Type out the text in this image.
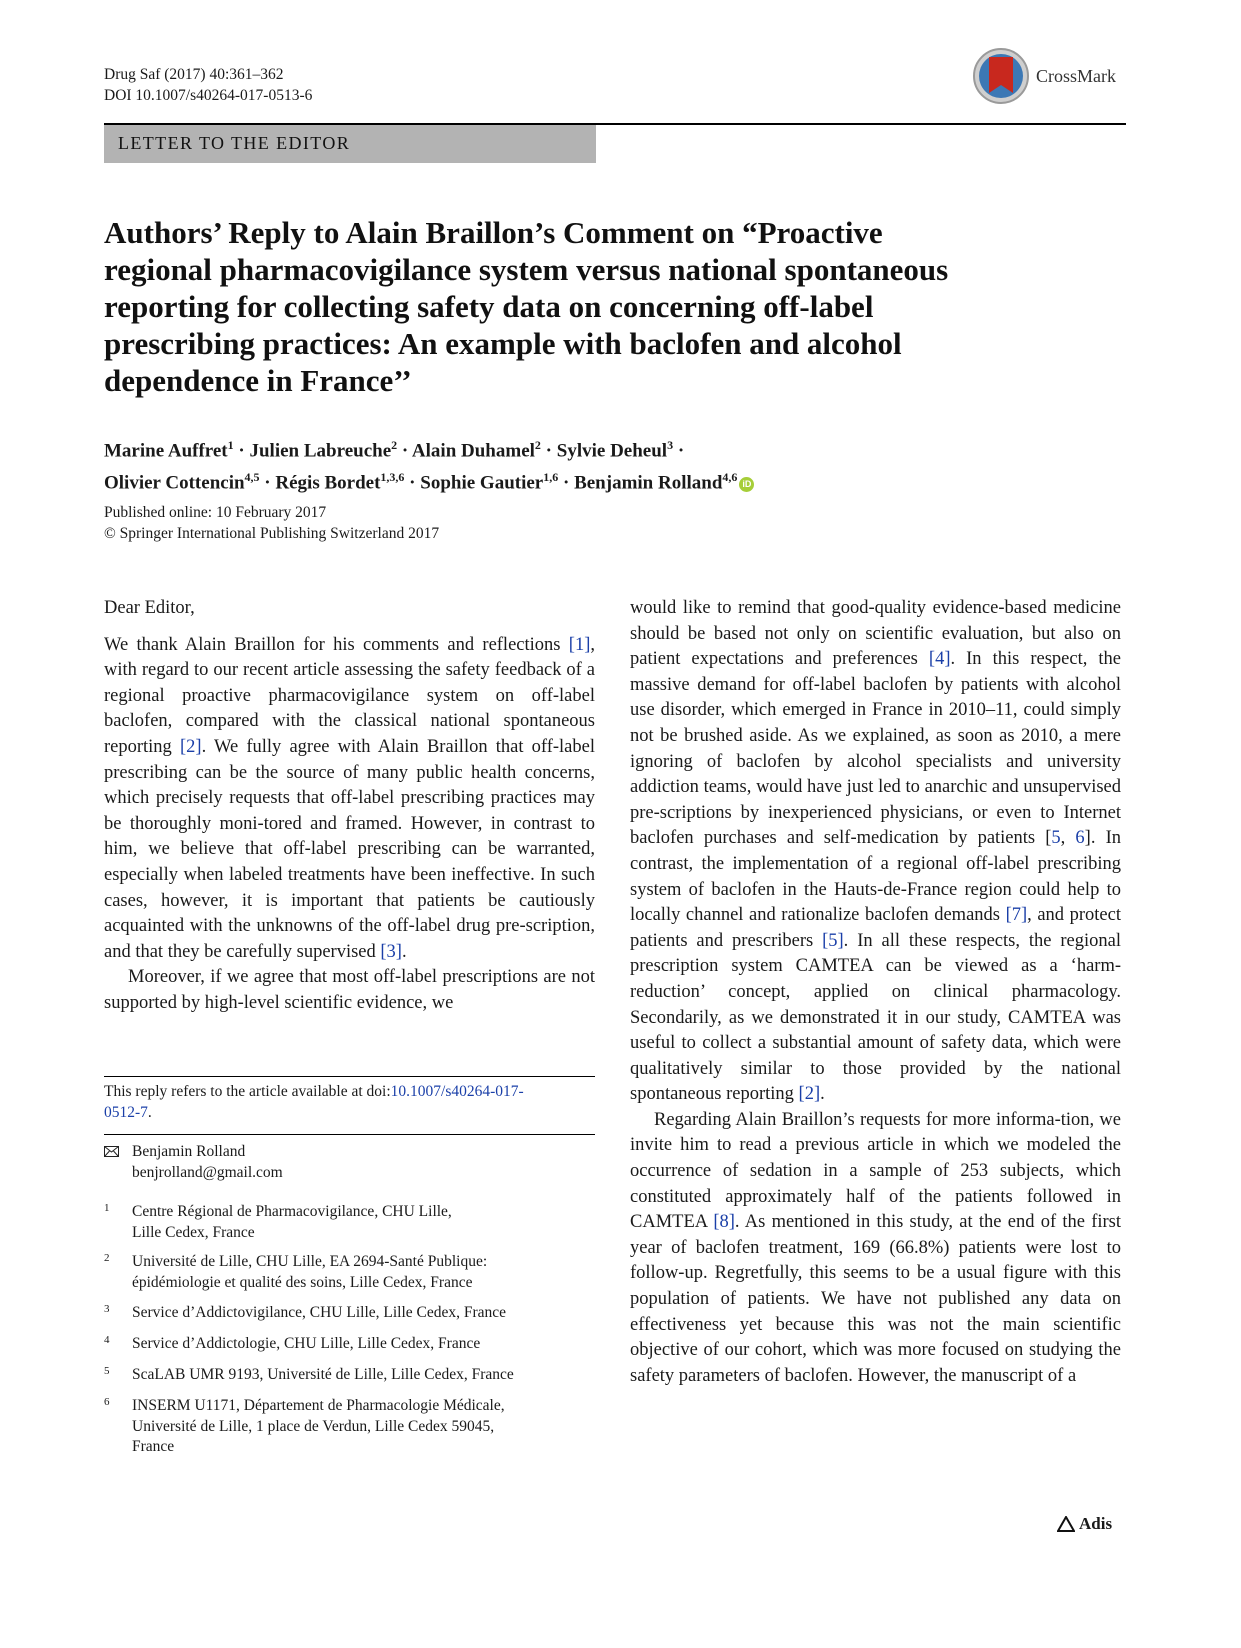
Drug Saf (2017) 40:361–362
DOI 10.1007/s40264-017-0513-6
CrossMark
LETTER TO THE EDITOR
Authors’ Reply to Alain Braillon’s Comment on “Proactive
regional pharmacovigilance system versus national spontaneous
reporting for collecting safety data on concerning off-label
prescribing practices: An example with baclofen and alcohol
dependence in France’’
Marine Auffret$^1$ · Julien Labreuche$^2$ · Alain Duhamel$^2$ · Sylvie Deheul$^3$ ·
Olivier Cottencin$^{4,5}$ · Régis Bordet$^{1,3,6}$ · Sophie Gautier$^{1,6}$ · Benjamin Rolland$^{4,6}$ iD
Published online: 10 February 2017
© Springer International Publishing Switzerland 2017

Dear Editor,

We thank Alain Braillon for his comments and reflections [1], with regard to our recent article assessing the safety feedback of a regional proactive pharmacovigilance system on off-label baclofen, compared with the classical national spontaneous reporting [2]. We fully agree with Alain Braillon that off-label prescribing can be the source of many public health concerns, which precisely requests that off-label prescribing practices may be thoroughly moni-tored and framed. However, in contrast to him, we believe that off-label prescribing can be warranted, especially when labeled treatments have been ineffective. In such cases, however, it is important that patients be cautiously acquainted with the unknowns of the off-label drug pre-scription, and that they be carefully supervised [3].

Moreover, if we agree that most off-label prescriptions are not supported by high-level scientific evidence, we

This reply refers to the article available at doi:10.1007/s40264-017-
0512-7.
Benjamin Rolland
benjrolland@gmail.com
1 Centre Régional de Pharmacovigilance, CHU Lille,
Lille Cedex, France
2 Université de Lille, CHU Lille, EA 2694-Santé Publique:
épidémiologie et qualité des soins, Lille Cedex, France
3 Service d’Addictovigilance, CHU Lille, Lille Cedex, France
4 Service d’Addictologie, CHU Lille, Lille Cedex, France
5 ScaLAB UMR 9193, Université de Lille, Lille Cedex, France
6 INSERM U1171, Département de Pharmacologie Médicale,
Université de Lille, 1 place de Verdun, Lille Cedex 59045,
France

would like to remind that good-quality evidence-based medicine should be based not only on scientific evaluation, but also on patient expectations and preferences [4]. In this respect, the massive demand for off-label baclofen by patients with alcohol use disorder, which emerged in France in 2010–11, could simply not be brushed aside. As we explained, as soon as 2010, a mere ignoring of baclofen by alcohol specialists and university addiction teams, would have just led to anarchic and unsupervised pre-scriptions by inexperienced physicians, or even to Internet baclofen purchases and self-medication by patients [5, 6]. In contrast, the implementation of a regional off-label prescribing system of baclofen in the Hauts-de-France region could help to locally channel and rationalize baclofen demands [7], and protect patients and prescribers [5]. In all these respects, the regional prescription system CAMTEA can be viewed as a ‘harm-reduction’ concept, applied on clinical pharmacology. Secondarily, as we demonstrated it in our study, CAMTEA was useful to collect a substantial amount of safety data, which were qualitatively similar to those provided by the national spontaneous reporting [2].

Regarding Alain Braillon’s requests for more informa-tion, we invite him to read a previous article in which we modeled the occurrence of sedation in a sample of 253 subjects, which constituted approximately half of the patients followed in CAMTEA [8]. As mentioned in this study, at the end of the first year of baclofen treatment, 169 (66.8%) patients were lost to follow-up. Regretfully, this seems to be a usual figure with this population of patients. We have not published any data on effectiveness yet because this was not the main scientific objective of our cohort, which was more focused on studying the safety parameters of baclofen. However, the manuscript of a

Adis
